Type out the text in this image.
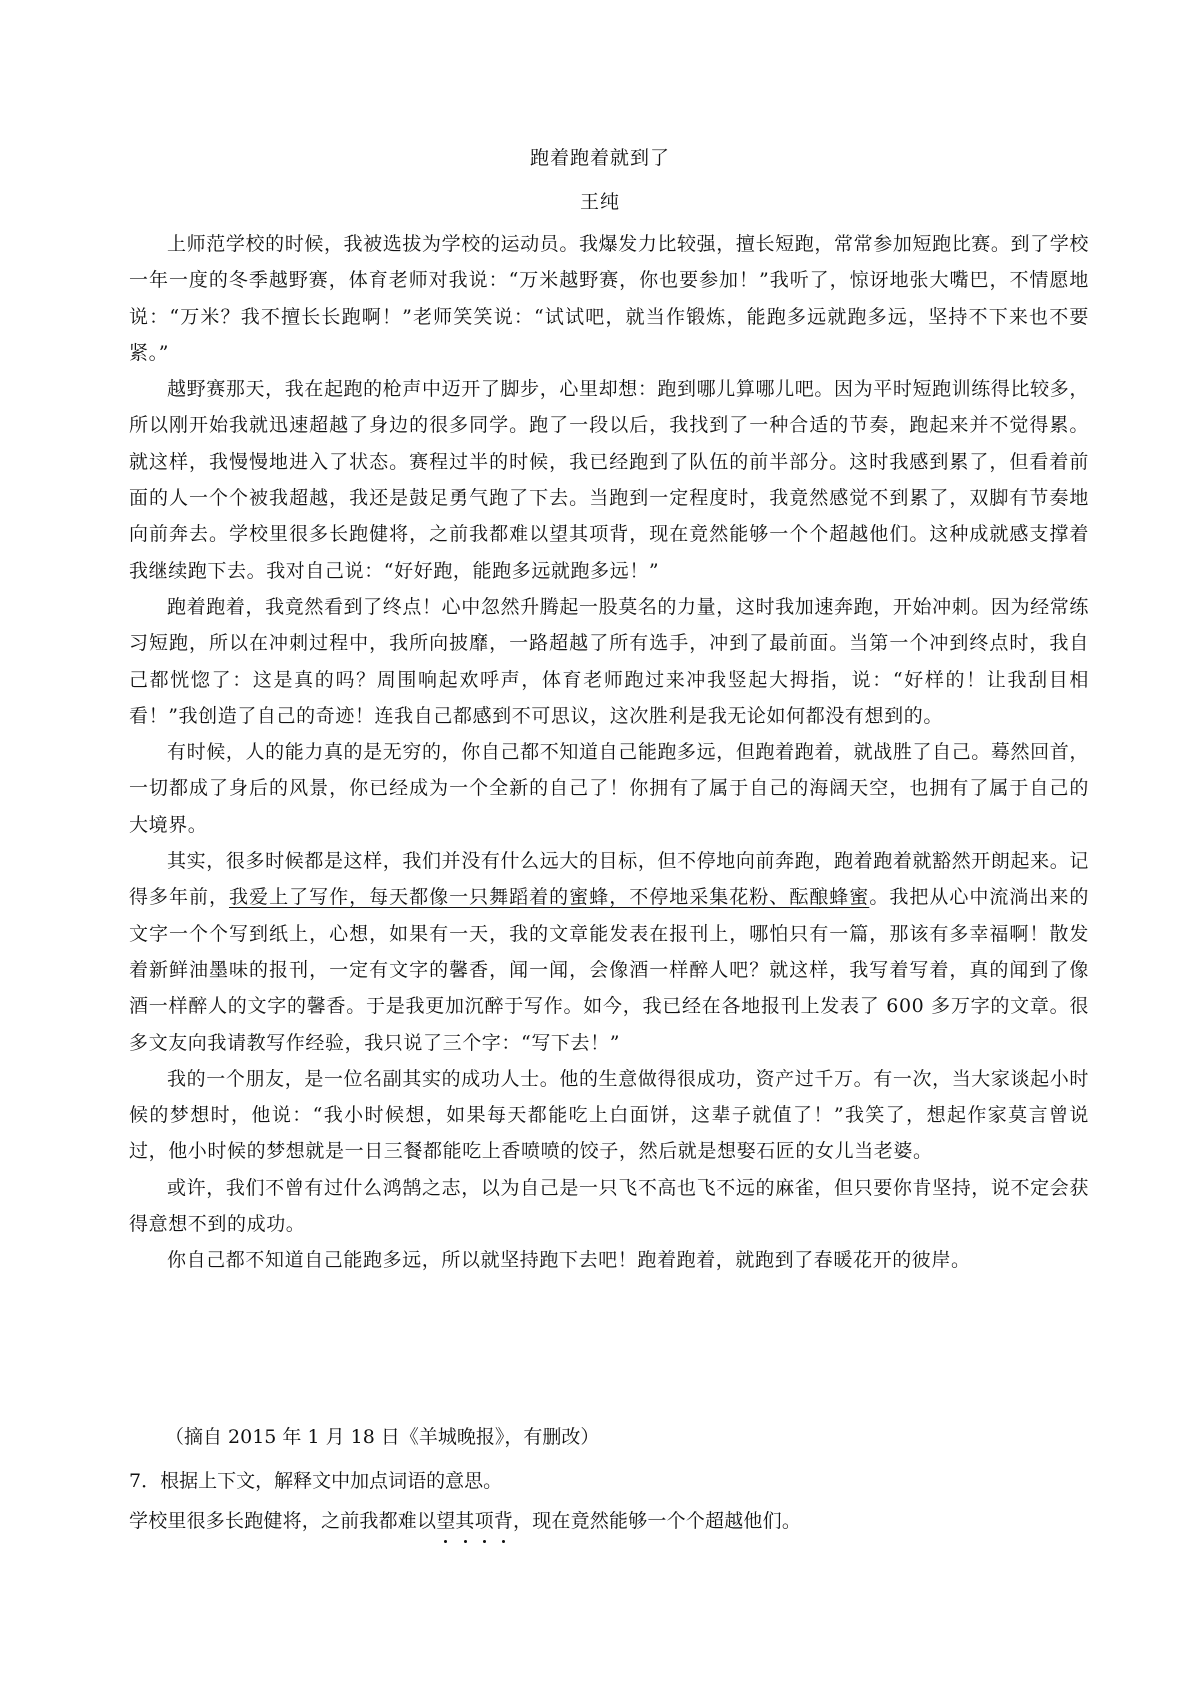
跑着跑着就到了
王纯

上师范学校的时候，我被选拔为学校的运动员。我爆发力比较强，擅长短跑，常常参加短跑比赛。到了学校一年一度的冬季越野赛，体育老师对我说：“万米越野赛，你也要参加！”我听了，惊讶地张大嘴巴，不情愿地说：“万米？我不擅长长跑啊！”老师笑笑说：“试试吧，就当作锻炼，能跑多远就跑多远，坚持不下来也不要紧。”

越野赛那天，我在起跑的枪声中迈开了脚步，心里却想：跑到哪儿算哪儿吧。因为平时短跑训练得比较多，所以刚开始我就迅速超越了身边的很多同学。跑了一段以后，我找到了一种合适的节奏，跑起来并不觉得累。就这样，我慢慢地进入了状态。赛程过半的时候，我已经跑到了队伍的前半部分。这时我感到累了，但看着前面的人一个个被我超越，我还是鼓足勇气跑了下去。当跑到一定程度时，我竟然感觉不到累了，双脚有节奏地向前奔去。学校里很多长跑健将，之前我都难以望其项背，现在竟然能够一个个超越他们。这种成就感支撑着我继续跑下去。我对自己说：“好好跑，能跑多远就跑多远！”

跑着跑着，我竟然看到了终点！心中忽然升腾起一股莫名的力量，这时我加速奔跑，开始冲刺。因为经常练习短跑，所以在冲刺过程中，我所向披靡，一路超越了所有选手，冲到了最前面。当第一个冲到终点时，我自己都恍惚了：这是真的吗？周围响起欢呼声，体育老师跑过来冲我竖起大拇指，说：“好样的！让我刮目相看！”我创造了自己的奇迹！连我自己都感到不可思议，这次胜利是我无论如何都没有想到的。

有时候，人的能力真的是无穷的，你自己都不知道自己能跑多远，但跑着跑着，就战胜了自己。蓦然回首，一切都成了身后的风景，你已经成为一个全新的自己了！你拥有了属于自己的海阔天空，也拥有了属于自己的大境界。

其实，很多时候都是这样，我们并没有什么远大的目标，但不停地向前奔跑，跑着跑着就豁然开朗起来。记得多年前，我爱上了写作，每天都像一只舞蹈着的蜜蜂，不停地采集花粉、酝酿蜂蜜。我把从心中流淌出来的文字一个个写到纸上，心想，如果有一天，我的文章能发表在报刊上，哪怕只有一篇，那该有多幸福啊！散发着新鲜油墨味的报刊，一定有文字的馨香，闻一闻，会像酒一样醉人吧？就这样，我写着写着，真的闻到了像酒一样醉人的文字的馨香。于是我更加沉醉于写作。如今，我已经在各地报刊上发表了 600 多万字的文章。很多文友向我请教写作经验，我只说了三个字：“写下去！”

我的一个朋友，是一位名副其实的成功人士。他的生意做得很成功，资产过千万。有一次，当大家谈起小时候的梦想时，他说：“我小时候想，如果每天都能吃上白面饼，这辈子就值了！”我笑了，想起作家莫言曾说过，他小时候的梦想就是一日三餐都能吃上香喷喷的饺子，然后就是想娶石匠的女儿当老婆。

或许，我们不曾有过什么鸿鹄之志，以为自己是一只飞不高也飞不远的麻雀，但只要你肯坚持，说不定会获得意想不到的成功。

你自己都不知道自己能跑多远，所以就坚持跑下去吧！跑着跑着，就跑到了春暖花开的彼岸。

（摘自 2015 年 1 月 18 日《羊城晚报》，有删改）
7．根据上下文，解释文中加点词语的意思。
学校里很多长跑健将，之前我都难以望
其
项
背
，现在竟然能够一个个超越他们。
